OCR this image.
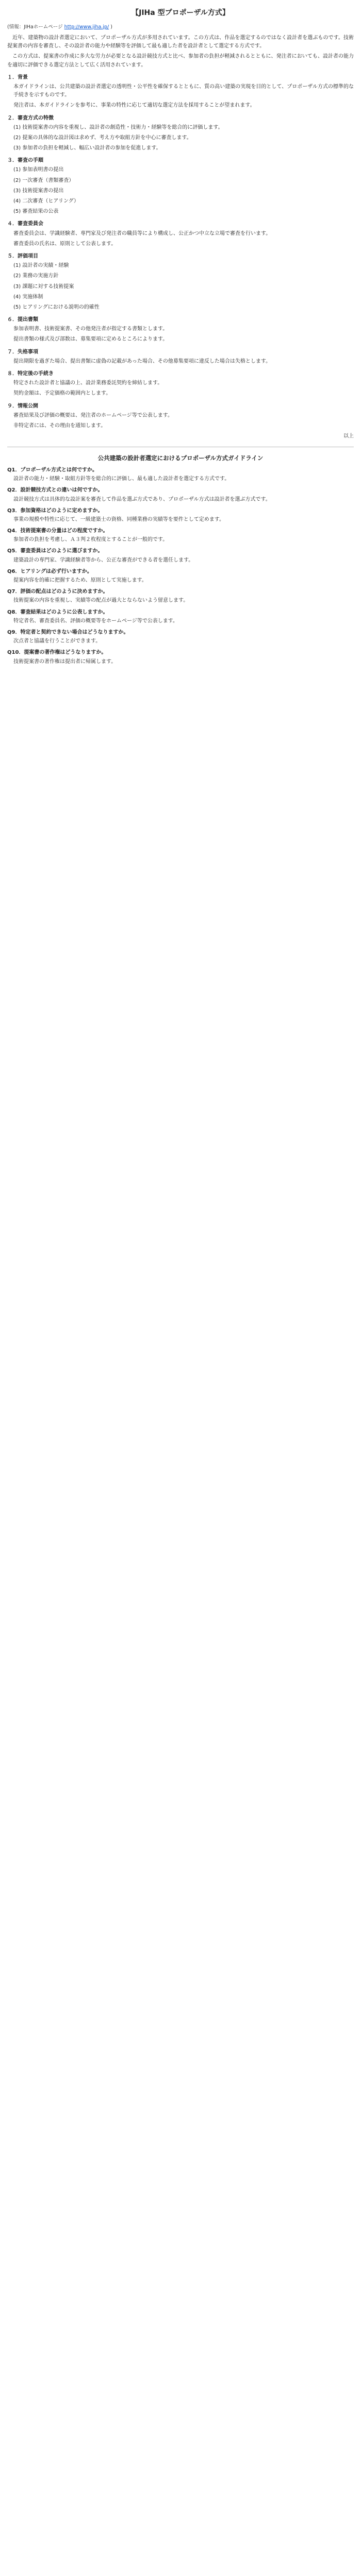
【JIHa 型プロポーザル方式】
(情報：JIHaホームページ http://www.jiha.jp/ )

近年、建築物の設計者選定において、プロポーザル方式が多用されています。この方式は、作品を選定するのではなく設計者を選ぶものです。技術提案書の内容を審査し、その設計者の能力や経験等を評価して最も適した者を設計者として選定する方式です。

この方式は、提案書の作成に多大な労力が必要となる設計競技方式と比べ、参加者の負担が軽減されるとともに、発注者においても、設計者の能力を適切に評価できる選定方法として広く活用されています。

１．背景
本ガイドラインは、公共建築の設計者選定の透明性・公平性を確保するとともに、質の高い建築の実現を目的として、プロポーザル方式の標準的な手続きを示すものです。
発注者は、本ガイドラインを参考に、事業の特性に応じて適切な選定方法を採用することが望まれます。
２．審査方式の特徴
(1) 技術提案書の内容を重視し、設計者の創造性・技術力・経験等を総合的に評価します。
(2) 提案の具体的な設計図は求めず、考え方や取組方針を中心に審査します。
(3) 参加者の負担を軽減し、幅広い設計者の参加を促進します。
３．審査の手順
(1) 参加表明書の提出
(2) 一次審査（書類審査）
(3) 技術提案書の提出
(4) 二次審査（ヒアリング）
(5) 審査結果の公表
４．審査委員会
審査委員会は、学識経験者、専門家及び発注者の職員等により構成し、公正かつ中立な立場で審査を行います。
審査委員の氏名は、原則として公表します。
５．評価項目
(1) 設計者の実績・経験
(2) 業務の実施方針
(3) 課題に対する技術提案
(4) 実施体制
(5) ヒアリングにおける説明の的確性
６．提出書類
参加表明書、技術提案書、その他発注者が指定する書類とします。
提出書類の様式及び部数は、募集要項に定めるところによります。
７．失格事項
提出期限を過ぎた場合、提出書類に虚偽の記載があった場合、その他募集要項に違反した場合は失格とします。
８．特定後の手続き
特定された設計者と協議の上、設計業務委託契約を締結します。
契約金額は、予定価格の範囲内とします。
９．情報公開
審査結果及び評価の概要は、発注者のホームページ等で公表します。
非特定者には、その理由を通知します。
以上
公共建築の設計者選定におけるプロポーザル方式ガイドライン
Q1．プロポーザル方式とは何ですか。
設計者の能力・経験・取組方針等を総合的に評価し、最も適した設計者を選定する方式です。
Q2．設計競技方式との違いは何ですか。
設計競技方式は具体的な設計案を審査して作品を選ぶ方式であり、プロポーザル方式は設計者を選ぶ方式です。
Q3．参加資格はどのように定めますか。
事業の規模や特性に応じて、一級建築士の資格、同種業務の実績等を要件として定めます。
Q4．技術提案書の分量はどの程度ですか。
参加者の負担を考慮し、Ａ３判２枚程度とすることが一般的です。
Q5．審査委員はどのように選びますか。
建築設計の専門家、学識経験者等から、公正な審査ができる者を選任します。
Q6．ヒアリングは必ず行いますか。
提案内容を的確に把握するため、原則として実施します。
Q7．評価の配点はどのように決めますか。
技術提案の内容を重視し、実績等の配点が過大とならないよう留意します。
Q8．審査結果はどのように公表しますか。
特定者名、審査委員名、評価の概要等をホームページ等で公表します。
Q9．特定者と契約できない場合はどうなりますか。
次点者と協議を行うことができます。
Q10．提案書の著作権はどうなりますか。
技術提案書の著作権は提出者に帰属します。
